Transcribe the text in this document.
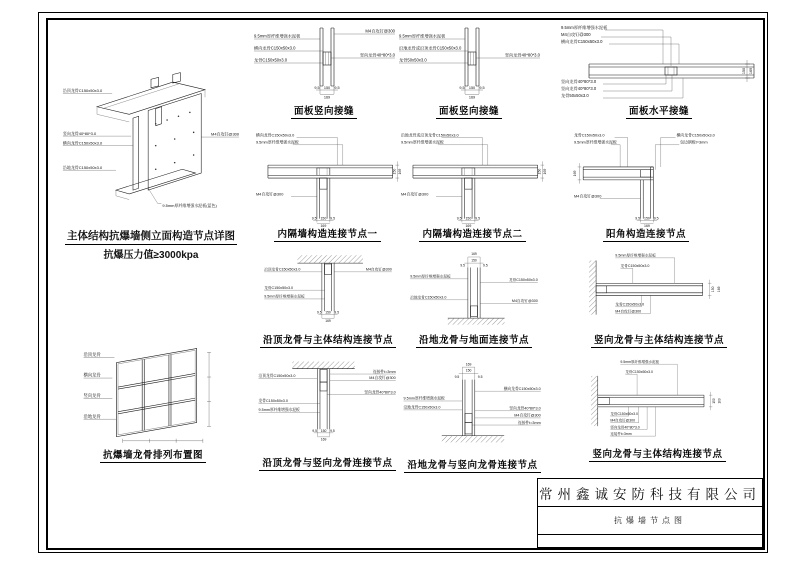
沿顶龙骨C150x50x3.0
竖向龙骨40*80*3.0
横向龙骨C150x50x3.0
沿地龙骨C150x50x3.0
M4自攻钉@300
9.5mm厚纤维增强水泥板(蓝色)
主体结构抗爆墙侧立面构造节点详图
抗爆压力值≥3000kpa
沿顶龙骨
横向龙骨
竖向龙骨
沿地龙骨
抗爆墙龙骨排列布置图
9.5mm厚纤维增强水泥板
横向龙骨C150x50x3.0
龙骨C150x50x3.0
M4自攻钉@300
竖向龙骨40*80*3.0
9.5 150 9.5
169
面板竖向接缝
9.5mm厚纤维增强水泥板
沿地龙骨或沿顶龙骨C150x50x3.0
龙骨50x50x3.0
竖向龙骨40*80*3.0
9.5 150 9.5
169
面板竖向接缝
9.5mm厚纤维增强水泥板
M4自攻钉@300
横向龙骨C150x50x3.0
竖向龙骨40*80*3.0
竖向龙骨40*80*3.0
龙骨50x50x3.0
150 169
面板水平接缝
横向龙骨C150x50x3.0
9.5mm厚纤维增强水泥板
M4自攻钉@300
150 169
9.5 150 9.5
169
内隔墙构造连接节点一
沿地龙骨或沿顶龙骨C150x50x3.0
9.5mm厚纤维增强水泥板
M4自攻钉@300
150 169
9.5 150 9.5
169
内隔墙构造连接节点二
龙骨C150x50x3.0
9.5mm厚纤维增强水泥板
横向龙骨C150x50x3.0
包边钢板t=3mm
M4自攻钉@300
169
9.5 150 9.5
169
阳角构造连接节点
沿顶龙骨C150x50x3.0
龙骨C150x50x3.0
9.5mm厚纤维增强水泥板
M4自攻钉@300
9.5 150 9.5
169
沿顶龙骨与主体结构连接节点
169
150
9.5	9.5
9.5mm厚纤维增强水泥板
沿地龙骨C150x50x3.0
龙骨C150x50x3.0
M4自攻钉@300
沿地龙骨与地面连接节点
9.5mm厚纤维增强水泥板
龙骨C150x50x3.0
龙骨C150x50x3.0
M4自攻钉@300
150 169
竖向龙骨与主体结构连接节点
连接件t=3mm
M4自攻钉@300
竖向龙骨40*80*3.0
沿顶龙骨C150x50x3.0
龙骨C150x50x3.0
9.5mm厚纤维增强水泥板
9.5 150 9.5
169
沿顶龙骨与竖向龙骨连接节点
169
150
9.5	9.5
9.5mm厚纤维增强水泥板
沿地龙骨C150x50x3.0
横向龙骨C150x50x3.0
竖向龙骨40*80*3.0
M4自攻钉@300
连接件t=3mm
沿地龙骨与竖向龙骨连接节点
9.5mm厚纤维增强水泥板
龙骨C150x50x3.0
龙骨C150x50x3.0
M4自攻钉@300
竖向龙骨40*80*3.0
连接件t=3mm
150 169
竖向龙骨与主体结构连接节点
常州鑫诚安防科技有限公司
抗爆墙节点图
